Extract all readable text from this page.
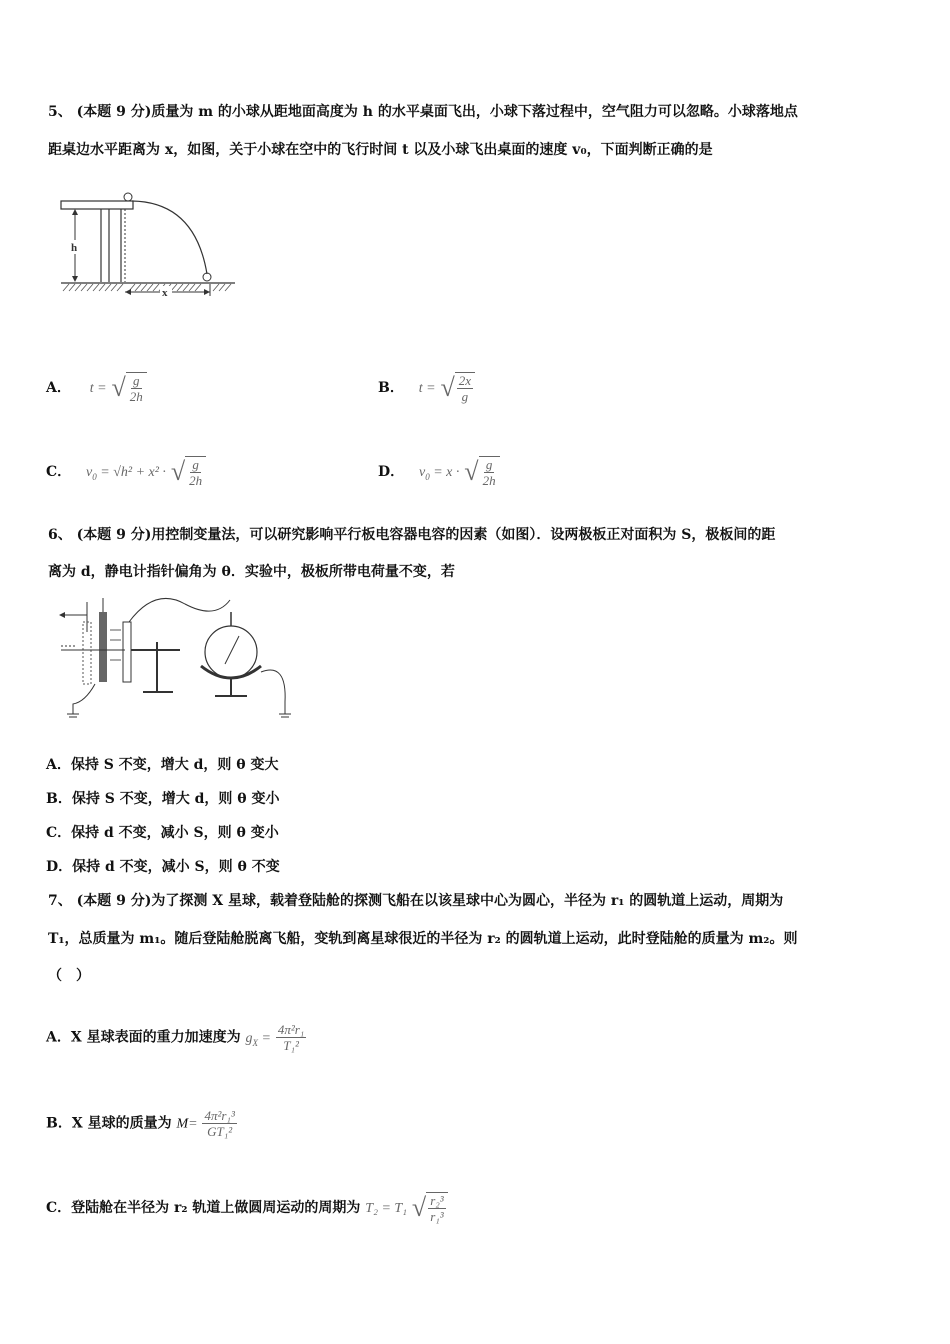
5、 (本题 9 分)质量为 m 的小球从距地面高度为 h 的水平桌面飞出，小球下落过程中，空气阻力可以忽略。小球落地点
距桌边水平距离为 x，如图，关于小球在空中的飞行时间 t 以及小球飞出桌面的速度 v₀，下面判断正确的是
h
x
A． t = √ $\frac{g}{2h}$	B． t = √ $\frac{2x}{g}$
C． $v_0 = √h^2 + x^2$ · √ $\frac{g}{2h}$	D． $v_0 = x$ · √ $\frac{g}{2h}$
6、 (本题 9 分)用控制变量法，可以研究影响平行板电容器电容的因素（如图）．设两极板正对面积为 S，极板间的距
离为 d，静电计指针偏角为 θ．实验中，极板所带电荷量不变，若
A．保持 S 不变，增大 d，则 θ 变大
B．保持 S 不变，增大 d，则 θ 变小
C．保持 d 不变，减小 S，则 θ 变小
D．保持 d 不变，减小 S，则 θ 不变
7、 (本题 9 分)为了探测 X 星球，载着登陆舱的探测飞船在以该星球中心为圆心，半径为 r₁ 的圆轨道上运动，周期为
T₁，总质量为 m₁。随后登陆舱脱离飞船，变轨到离星球很近的半径为 r₂ 的圆轨道上运动，此时登陆舱的质量为 m₂。则
（　）
A．X 星球表面的重力加速度为 $g_X = \frac{\text{4π²r₁}}{\text{T₁²}}$
B．X 星球的质量为 $M= \frac{\text{4π²r₁³}}{\text{GT₁²}}$
C．登陆舱在半径为 r₂ 轨道上做圆周运动的周期为 T₂ = T₁ √ $\frac{\text{r₂³}}{\text{r₁³}}$
